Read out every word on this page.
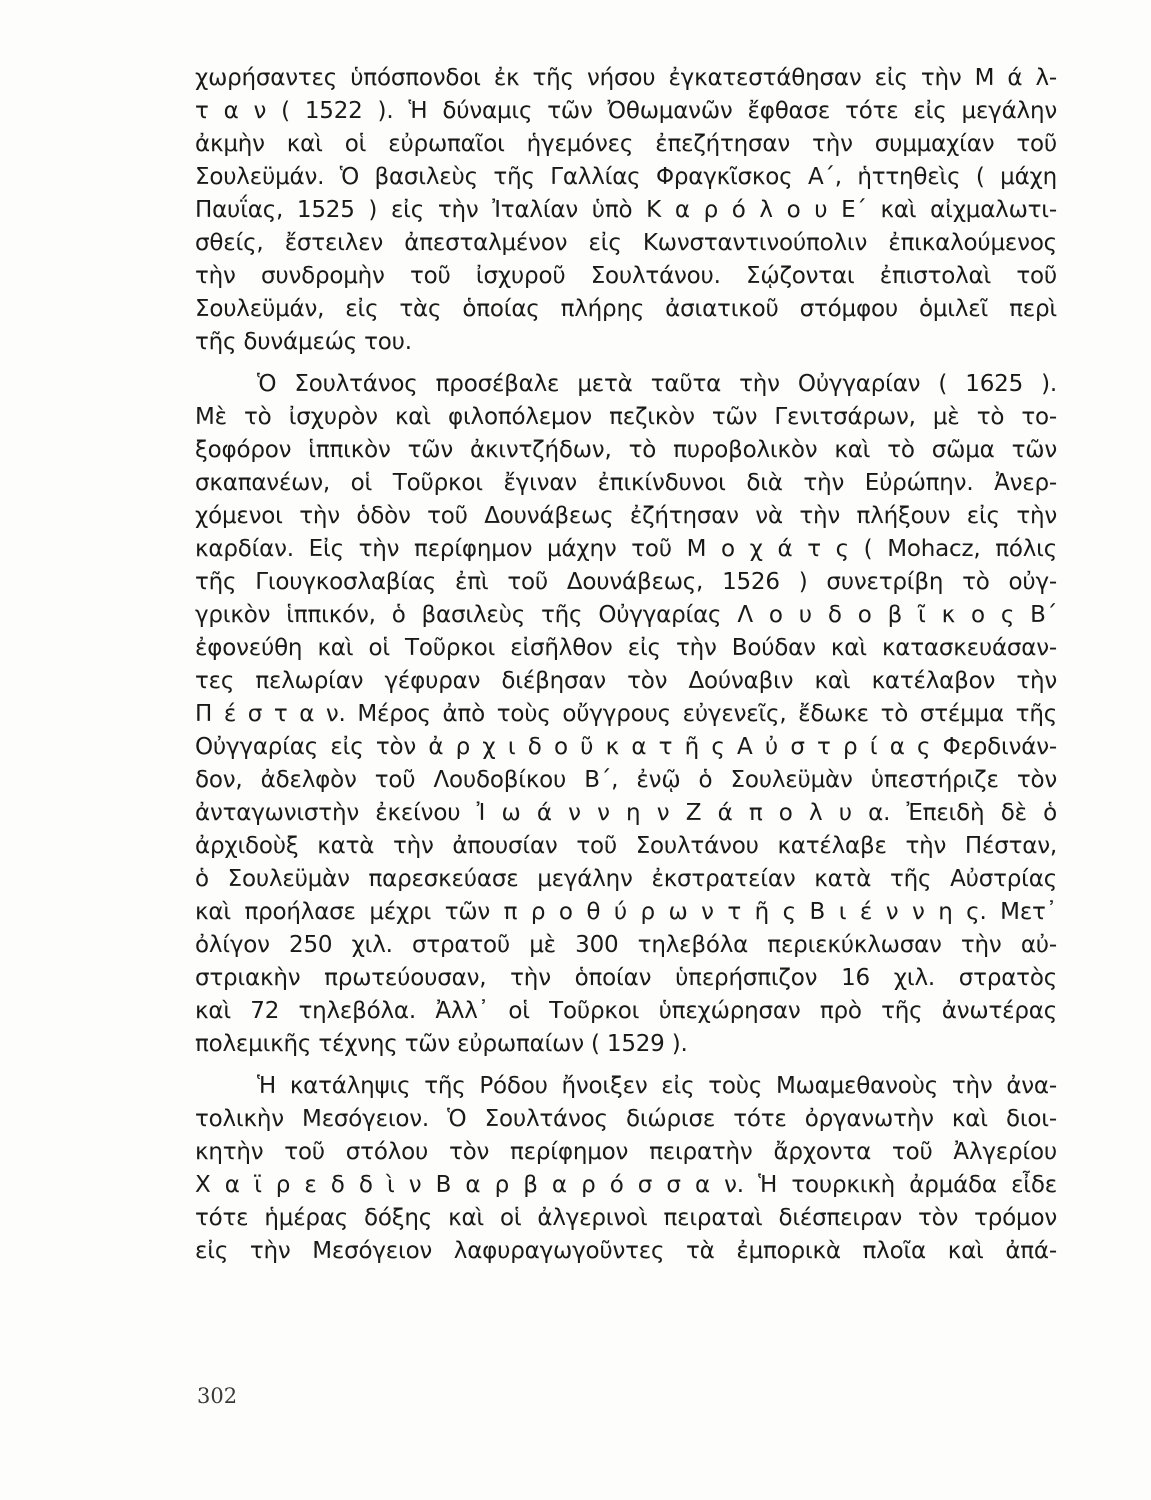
χωρήσαντες ὑπόσπονδοι ἐκ τῆς νήσου ἐγκατεστάθησαν εἰς τὴν Μ ά λ-
τ α ν ( 1522 ). Ἡ δύναμις τῶν Ὀθωμανῶν ἔφθασε τότε εἰς μεγάλην
ἀκμὴν καὶ οἱ εὐρωπαῖοι ἡγεμόνες ἐπεζήτησαν τὴν συμμαχίαν τοῦ
Σουλεϋμάν. Ὁ βασιλεὺς τῆς Γαλλίας Φραγκῖσκος Α΄, ἡττηθεὶς ( μάχη
Παυΐας, 1525 ) εἰς τὴν Ἰταλίαν ὑπὸ Κ α ρ ό λ ο υ Ε΄ καὶ αἰχμαλωτι-
σθείς, ἔστειλεν ἀπεσταλμένον εἰς Κωνσταντινούπολιν ἐπικαλούμενος
τὴν συνδρομὴν τοῦ ἰσχυροῦ Σουλτάνου. Σῴζονται ἐπιστολαὶ τοῦ
Σουλεϋμάν, εἰς τὰς ὁποίας πλήρης ἀσιατικοῦ στόμφου ὁμιλεῖ περὶ
τῆς δυνάμεώς του.
Ὁ Σουλτάνος προσέβαλε μετὰ ταῦτα τὴν Οὐγγαρίαν ( 1625 ).
Μὲ τὸ ἰσχυρὸν καὶ φιλοπόλεμον πεζικὸν τῶν Γενιτσάρων, μὲ τὸ το-
ξοφόρον ἱππικὸν τῶν ἀκιντζήδων, τὸ πυροβολικὸν καὶ τὸ σῶμα τῶν
σκαπανέων, οἱ Τοῦρκοι ἔγιναν ἐπικίνδυνοι διὰ τὴν Εὐρώπην. Ἀνερ-
χόμενοι τὴν ὁδὸν τοῦ Δουνάβεως ἐζήτησαν νὰ τὴν πλήξουν εἰς τὴν
καρδίαν. Εἰς τὴν περίφημον μάχην τοῦ Μ ο χ ά τ ς ( Mohacz, πόλις
τῆς Γιουγκοσλαβίας ἐπὶ τοῦ Δουνάβεως, 1526 ) συνετρίβη τὸ οὐγ-
γρικὸν ἱππικόν, ὁ βασιλεὺς τῆς Οὐγγαρίας Λ ο υ δ ο β ῖ κ ο ς Β΄
ἐφονεύθη καὶ οἱ Τοῦρκοι εἰσῆλθον εἰς τὴν Βούδαν καὶ κατασκευάσαν-
τες πελωρίαν γέφυραν διέβησαν τὸν Δούναβιν καὶ κατέλαβον τὴν
Π έ σ τ α ν. Μέρος ἀπὸ τοὺς οὔγγρους εὐγενεῖς, ἔδωκε τὸ στέμμα τῆς
Οὐγγαρίας εἰς τὸν ἀ ρ χ ι δ ο ῦ κ α τ ῆ ς Α ὐ σ τ ρ ί α ς Φερδινάν-
δον, ἀδελφὸν τοῦ Λουδοβίκου Β΄, ἐνῷ ὁ Σουλεϋμὰν ὑπεστήριζε τὸν
ἀνταγωνιστὴν ἐκείνου Ἰ ω ά ν ν η ν Ζ ά π ο λ υ α. Ἐπειδὴ δὲ ὁ
ἀρχιδοὺξ κατὰ τὴν ἀπουσίαν τοῦ Σουλτάνου κατέλαβε τὴν Πέσταν,
ὁ Σουλεϋμὰν παρεσκεύασε μεγάλην ἐκστρατείαν κατὰ τῆς Αὐστρίας
καὶ προήλασε μέχρι τῶν π ρ ο θ ύ ρ ω ν τ ῆ ς Β ι έ ν ν η ς. Μετ᾽
ὀλίγον 250 χιλ. στρατοῦ μὲ 300 τηλεβόλα περιεκύκλωσαν τὴν αὐ-
στριακὴν πρωτεύουσαν, τὴν ὁποίαν ὑπερήσπιζον 16 χιλ. στρατὸς
καὶ 72 τηλεβόλα. Ἀλλ᾽ οἱ Τοῦρκοι ὑπεχώρησαν πρὸ τῆς ἀνωτέρας
πολεμικῆς τέχνης τῶν εὐρωπαίων ( 1529 ).
Ἡ κατάληψις τῆς Ρόδου ἤνοιξεν εἰς τοὺς Μωαμεθανοὺς τὴν ἀνα-
τολικὴν Μεσόγειον. Ὁ Σουλτάνος διώρισε τότε ὀργανωτὴν καὶ διοι-
κητὴν τοῦ στόλου τὸν περίφημον πειρατὴν ἄρχοντα τοῦ Ἀλγερίου
Χ α ϊ ρ ε δ δ ὶ ν Β α ρ β α ρ ό σ σ α ν. Ἡ τουρκικὴ ἀρμάδα εἶδε
τότε ἡμέρας δόξης καὶ οἱ ἀλγερινοὶ πειραταὶ διέσπειραν τὸν τρόμον
εἰς τὴν Μεσόγειον λαφυραγωγοῦντες τὰ ἐμπορικὰ πλοῖα καὶ ἀπά-
302
